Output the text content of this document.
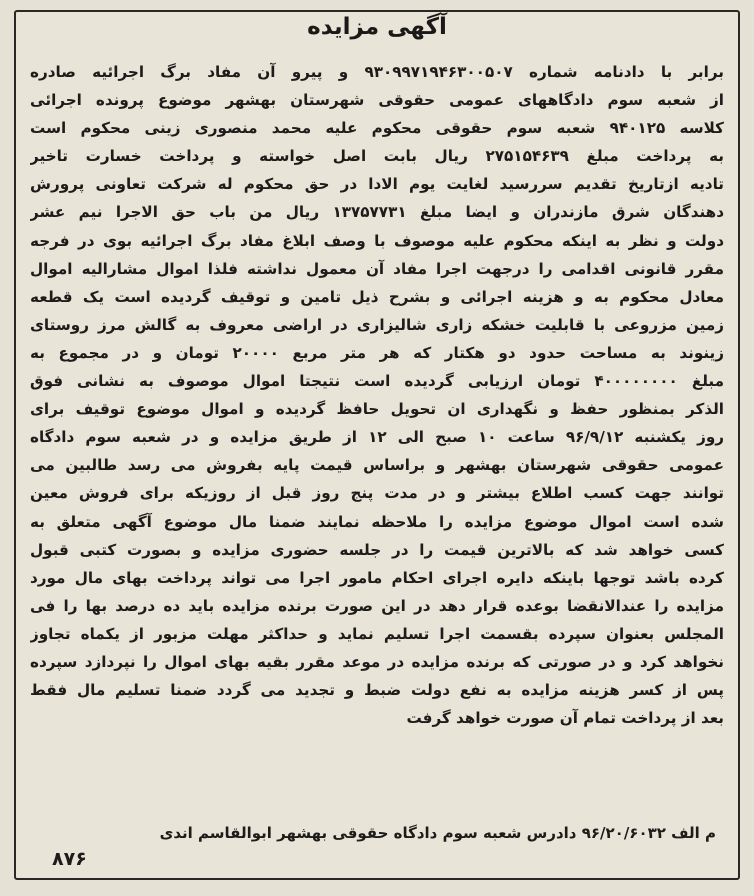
آگهی مزایده
برابر با دادنامه شماره ۹۳۰۹۹۷۱۹۴۶۳۰۰۵۰۷ و پیرو آن مفاد برگ اجرائیه صادره
از شعبه سوم دادگاههای عمومی حقوقی شهرستان بهشهر موضوع پرونده اجرائی
کلاسه ۹۴۰۱۲۵ شعبه سوم حقوقی محکوم علیه محمد منصوری زینی محکوم است
به پرداخت مبلغ ۲۷۵۱۵۴۶۳۹ ریال بابت اصل خواسته و پرداخت خسارت تاخیر
تادیه ازتاریخ تقدیم سررسید لغایت یوم الادا در حق محکوم له شرکت تعاونی پرورش
دهندگان شرق مازندران و ایضا مبلغ ۱۳۷۵۷۷۳۱ ریال من باب حق الاجرا نیم عشر
دولت و نظر به اینکه محکوم علیه موصوف با وصف ابلاغ مفاد برگ اجرائیه بوی در فرجه
مقرر قانونی اقدامی را درجهت اجرا مفاد آن معمول نداشته فلذا اموال مشارالیه اموال
معادل محکوم به و هزینه اجرائی و بشرح ذیل تامین و توقیف گردیده است یک قطعه
زمین مزروعی با قابلیت خشکه زاری شالیزاری در اراضی معروف به گالش مرز روستای
زینوند به مساحت حدود دو هکتار که هر متر مربع ۲۰۰۰۰ تومان و در مجموع به
مبلغ ۴۰۰۰۰۰۰۰۰ تومان ارزیابی گردیده است نتیجتا اموال موصوف به نشانی فوق
الذکر بمنظور حفظ و نگهداری ان تحویل حافظ گردیده و اموال موضوع توقیف برای
روز یکشنبه ۹۶/۹/۱۲ ساعت ۱۰ صبح الی ۱۲ از طریق مزایده و در شعبه سوم دادگاه
عمومی حقوقی شهرستان بهشهر و براساس قیمت پایه بفروش می رسد طالبین می
توانند جهت کسب اطلاع بیشتر و در مدت پنج روز قبل از روزیکه برای فروش معین
شده است اموال موضوع مزایده را ملاحظه نمایند ضمنا مال موضوع آگهی متعلق به
کسی خواهد شد که بالاترین قیمت را در جلسه حضوری مزایده و بصورت کتبی قبول
کرده باشد توجها باینکه دایره اجرای احکام مامور اجرا می تواند پرداخت بهای مال مورد
مزایده را عندالانقضا بوعده قرار دهد در این صورت برنده مزایده باید ده درصد بها را فی
المجلس بعنوان سپرده بقسمت اجرا تسلیم نماید و حداکثر مهلت مزبور از یکماه تجاوز
نخواهد کرد و در صورتی که برنده مزایده در موعد مقرر بقیه بهای اموال را نپردازد سپرده
پس از کسر هزینه مزایده به نفع دولت ضبط و تجدید می گردد ضمنا تسلیم مال فقط
بعد از پرداخت تمام آن صورت خواهد گرفت
م الف ۹۶/۲۰/۶۰۳۲ دادرس شعبه سوم دادگاه حقوقی بهشهر ابوالقاسم اندی
۸۷۶
